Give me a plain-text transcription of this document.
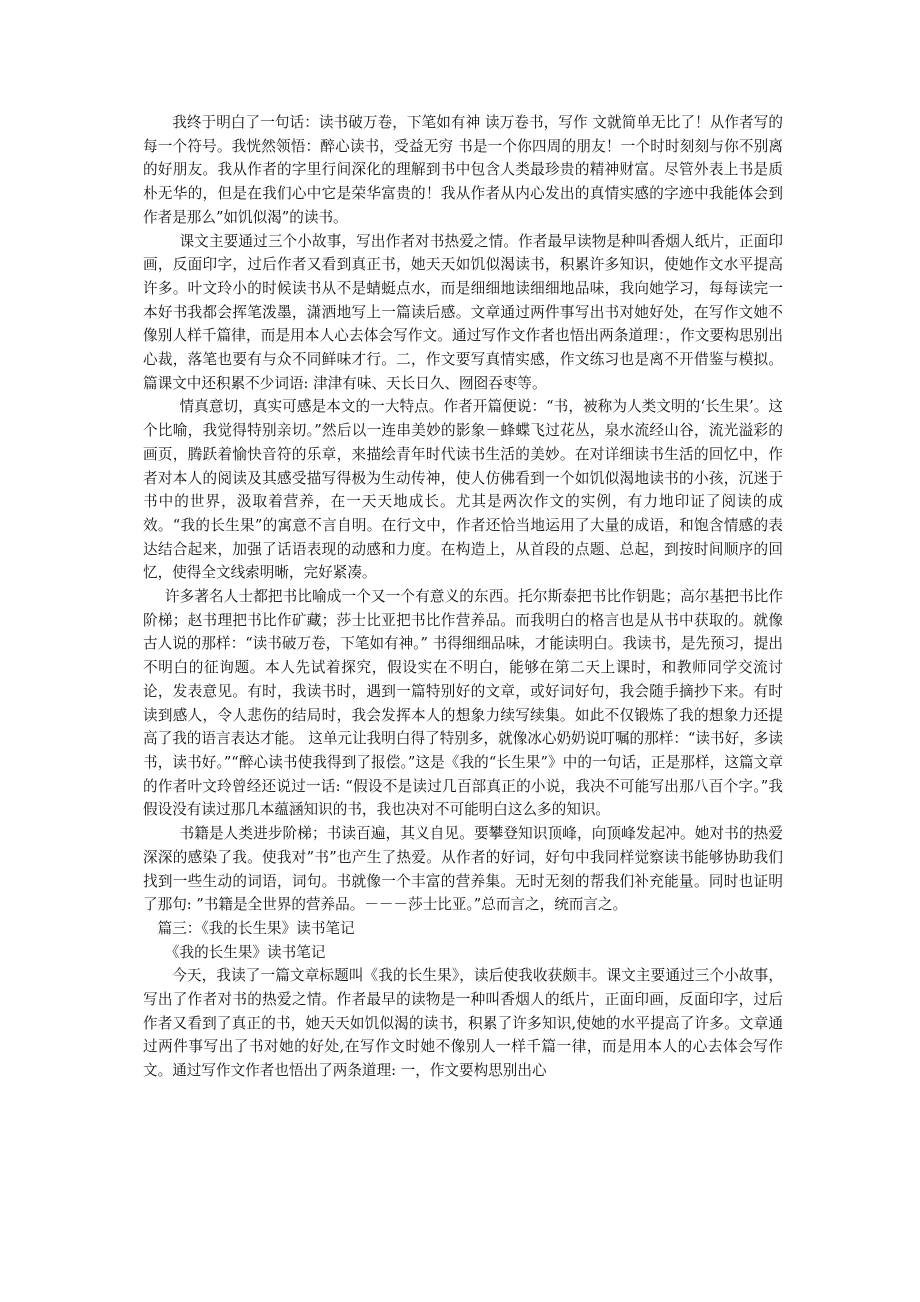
我终于明白了一句话：读书破万卷，下笔如有神 读万卷书，写作 文就简单无比了！从作者写的每一个符号。我恍然领悟：醉心读书，受益无穷 书是一个你四周的朋友！一个时时刻刻与你不别离的好朋友。我从作者的字里行间深化的理解到书中包含人类最珍贵的精神财富。尽管外表上书是质朴无华的，但是在我们心中它是荣华富贵的！我从作者从内心发出的真情实感的字迹中我能体会到作者是那么”如饥似渴”的读书。

课文主要通过三个小故事，写出作者对书热爱之情。作者最早读物是种叫香烟人纸片，正面印画，反面印字，过后作者又看到真正书，她天天如饥似渴读书，积累许多知识，使她作文水平提高许多。叶文玲小的时候读书从不是蜻蜓点水，而是细细地读细细地品味，我向她学习，每每读完一本好书我都会挥笔泼墨，潇洒地写上一篇读后感。文章通过两件事写出书对她好处，在写作文她不像别人样千篇律，而是用本人心去体会写作文。通过写作文作者也悟出两条道理：，作文要构思别出心裁，落笔也要有与众不同鲜味才行。二，作文要写真情实感，作文练习也是离不开借鉴与模拟。篇课文中还积累不少词语: 津津有味、天长日久、囫囵吞枣等。

情真意切，真实可感是本文的一大特点。作者开篇便说：“书，被称为人类文明的‘长生果’。这个比喻，我觉得特别亲切。”然后以一连串美妙的影象－蜂蝶飞过花丛，泉水流经山谷，流光溢彩的画页，腾跃着愉快音符的乐章，来描绘青年时代读书生活的美妙。在对详细读书生活的回忆中，作者对本人的阅读及其感受描写得极为生动传神，使人仿佛看到一个如饥似渴地读书的小孩，沉迷于书中的世界，汲取着营养，在一天天地成长。尤其是两次作文的实例，有力地印证了阅读的成效。“我的长生果”的寓意不言自明。在行文中，作者还恰当地运用了大量的成语，和饱含情感的表达结合起来，加强了话语表现的动感和力度。在构造上，从首段的点题、总起，到按时间顺序的回忆，使得全文线索明晰，完好紧凑。

许多著名人士都把书比喻成一个又一个有意义的东西。托尔斯泰把书比作钥匙；高尔基把书比作阶梯；赵书理把书比作矿藏；莎士比亚把书比作营养品。而我明白的格言也是从书中获取的。就像古人说的那样：“读书破万卷，下笔如有神。” 书得细细品味，才能读明白。我读书，是先预习，提出不明白的征询题。本人先试着探究，假设实在不明白，能够在第二天上课时，和教师同学交流讨论，发表意见。有时，我读书时，遇到一篇特别好的文章，或好词好句，我会随手摘抄下来。有时读到感人，令人悲伤的结局时，我会发挥本人的想象力续写续集。如此不仅锻炼了我的想象力还提高了我的语言表达才能。 这单元让我明白得了特别多，就像冰心奶奶说叮嘱的那样：“读书好，多读书，读书好。”“醉心读书使我得到了报偿。”这是《我的“长生果”》中的一句话，正是那样，这篇文章的作者叶文玲曾经还说过一话: “假设不是读过几百部真正的小说，我决不可能写出那八百个字。”我假设没有读过那几本蕴涵知识的书，我也决对不可能明白这么多的知识。

书籍是人类进步阶梯；书读百遍，其义自见。要攀登知识顶峰，向顶峰发起冲。她对书的热爱深深的感染了我。使我对”书”也产生了热爱。从作者的好词，好句中我同样觉察读书能够协助我们找到一些生动的词语，词句。书就像一个丰富的营养集。无时无刻的帮我们补充能量。同时也证明了那句: ”书籍是全世界的营养品。－－－莎士比亚。”总而言之，统而言之。

篇三：《我的长生果》读书笔记

《我的长生果》读书笔记

今天，我读了一篇文章标题叫《我的长生果》，读后使我收获颇丰。课文主要通过三个小故事，写出了作者对书的热爱之情。作者最早的读物是一种叫香烟人的纸片，正面印画，反面印字，过后作者又看到了真正的书，她天天如饥似渴的读书，积累了许多知识,使她的水平提高了许多。文章通过两件事写出了书对她的好处,在写作文时她不像别人一样千篇一律，而是用本人的心去体会写作文。通过写作文作者也悟出了两条道理: 一，作文要构思别出心
